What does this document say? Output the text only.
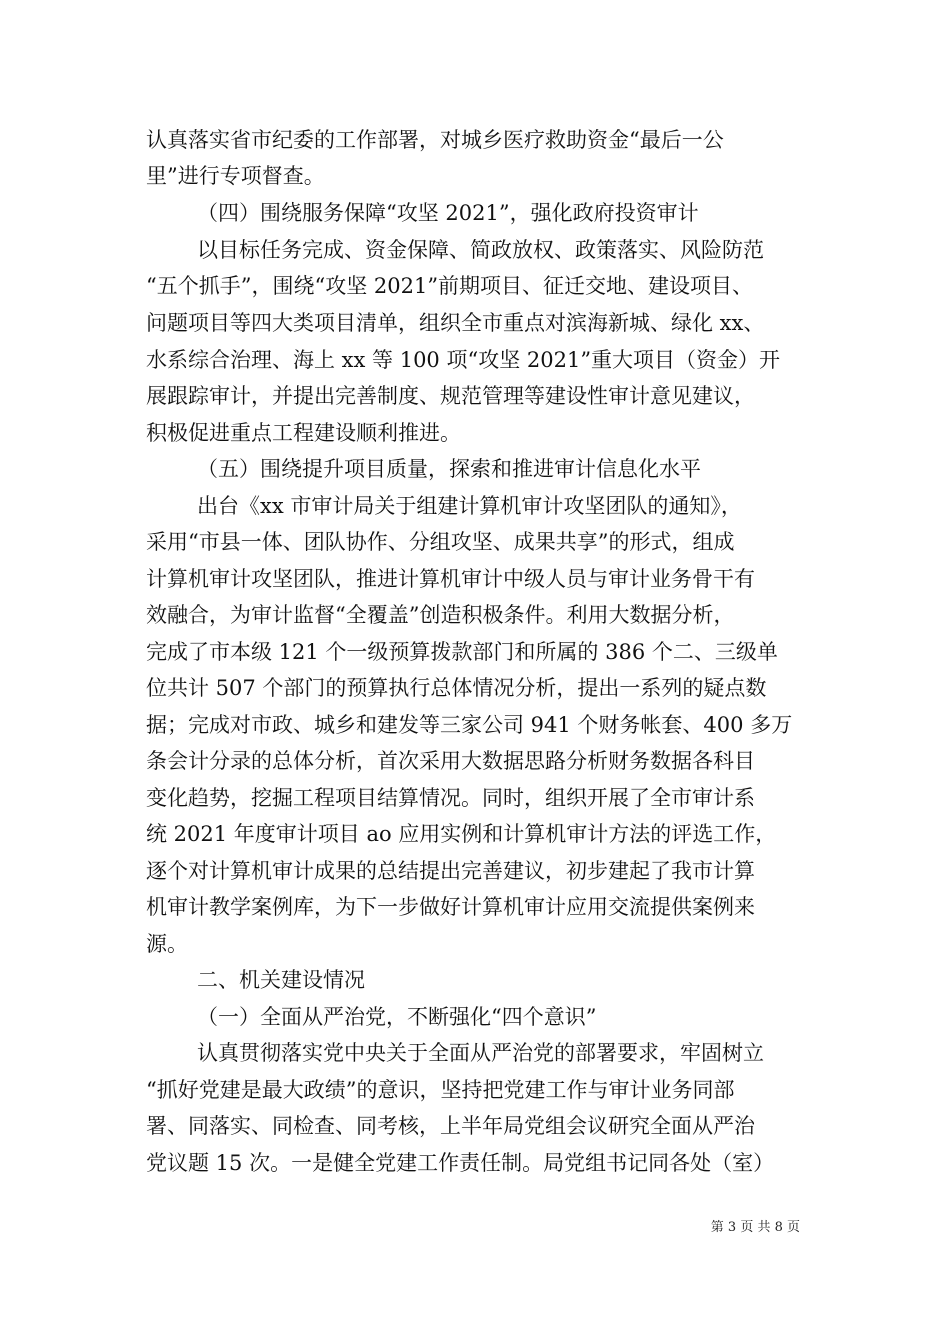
认真落实省市纪委的工作部署，对城乡医疗救助资金“最后一公
里”进行专项督查。
（四）围绕服务保障“攻坚 2021”，强化政府投资审计
以目标任务完成、资金保障、简政放权、政策落实、风险防范
“五个抓手”，围绕“攻坚 2021”前期项目、征迁交地、建设项目、
问题项目等四大类项目清单，组织全市重点对滨海新城、绿化 xx、
水系综合治理、海上 xx 等 100 项“攻坚 2021”重大项目（资金）开
展跟踪审计，并提出完善制度、规范管理等建设性审计意见建议，
积极促进重点工程建设顺利推进。
（五）围绕提升项目质量，探索和推进审计信息化水平
出台《xx 市审计局关于组建计算机审计攻坚团队的通知》，
采用“市县一体、团队协作、分组攻坚、成果共享”的形式，组成
计算机审计攻坚团队，推进计算机审计中级人员与审计业务骨干有
效融合，为审计监督“全覆盖”创造积极条件。利用大数据分析，
完成了市本级 121 个一级预算拨款部门和所属的 386 个二、三级单
位共计 507 个部门的预算执行总体情况分析，提出一系列的疑点数
据；完成对市政、城乡和建发等三家公司 941 个财务帐套、400 多万
条会计分录的总体分析，首次采用大数据思路分析财务数据各科目
变化趋势，挖掘工程项目结算情况。同时，组织开展了全市审计系
统 2021 年度审计项目 ao 应用实例和计算机审计方法的评选工作，
逐个对计算机审计成果的总结提出完善建议，初步建起了我市计算
机审计教学案例库，为下一步做好计算机审计应用交流提供案例来
源。
二、机关建设情况
（一）全面从严治党，不断强化“四个意识”
认真贯彻落实党中央关于全面从严治党的部署要求，牢固树立
“抓好党建是最大政绩”的意识，坚持把党建工作与审计业务同部
署、同落实、同检查、同考核，上半年局党组会议研究全面从严治
党议题 15 次。一是健全党建工作责任制。局党组书记同各处（室）
第 3 页 共 8 页
